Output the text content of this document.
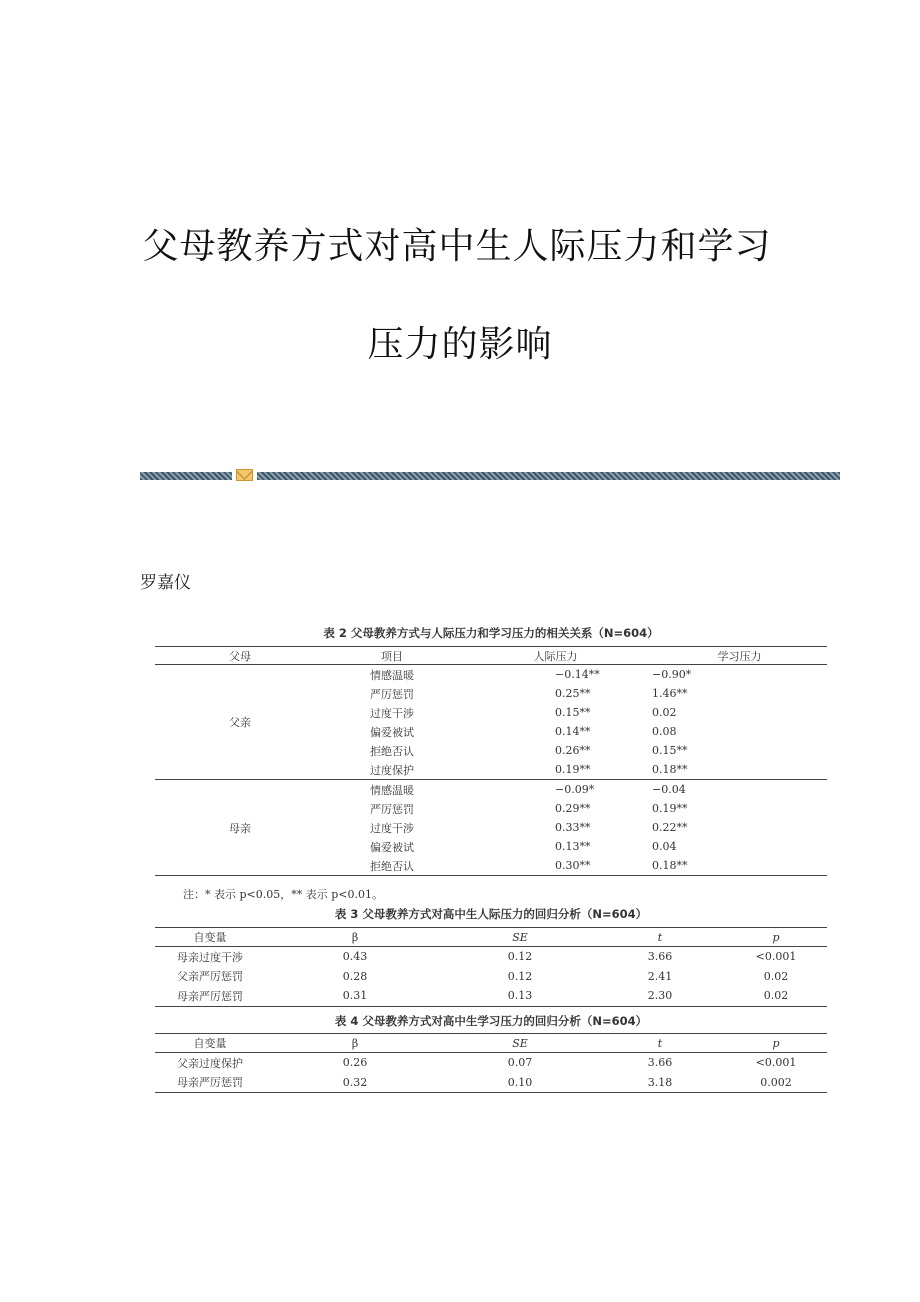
父母教养方式对高中生人际压力和学习
压力的影响
罗嘉仪
表 2 父母教养方式与人际压力和学习压力的相关关系（N=604）
父母	项目	人际压力	学习压力
父亲	情感温暖	−0.14**	−0.90*
	严厉惩罚	0.25**	1.46**
	过度干涉	0.15**	0.02
	偏爱被试	0.14**	0.08
	拒绝否认	0.26**	0.15**
	过度保护	0.19**	0.18**
母亲	情感温暖	−0.09*	−0.04
	严厉惩罚	0.29**	0.19**
	过度干涉	0.33**	0.22**
	偏爱被试	0.13**	0.04
	拒绝否认	0.30**	0.18**
注：* 表示 p<0.05，** 表示 p<0.01。
表 3 父母教养方式对高中生人际压力的回归分析（N=604）
自变量	β	SE	t	p
母亲过度干涉	0.43	0.12	3.66	<0.001
父亲严厉惩罚	0.28	0.12	2.41	0.02
母亲严厉惩罚	0.31	0.13	2.30	0.02
表 4 父母教养方式对高中生学习压力的回归分析（N=604）
自变量	β	SE	t	p
父亲过度保护	0.26	0.07	3.66	<0.001
母亲严厉惩罚	0.32	0.10	3.18	0.002
